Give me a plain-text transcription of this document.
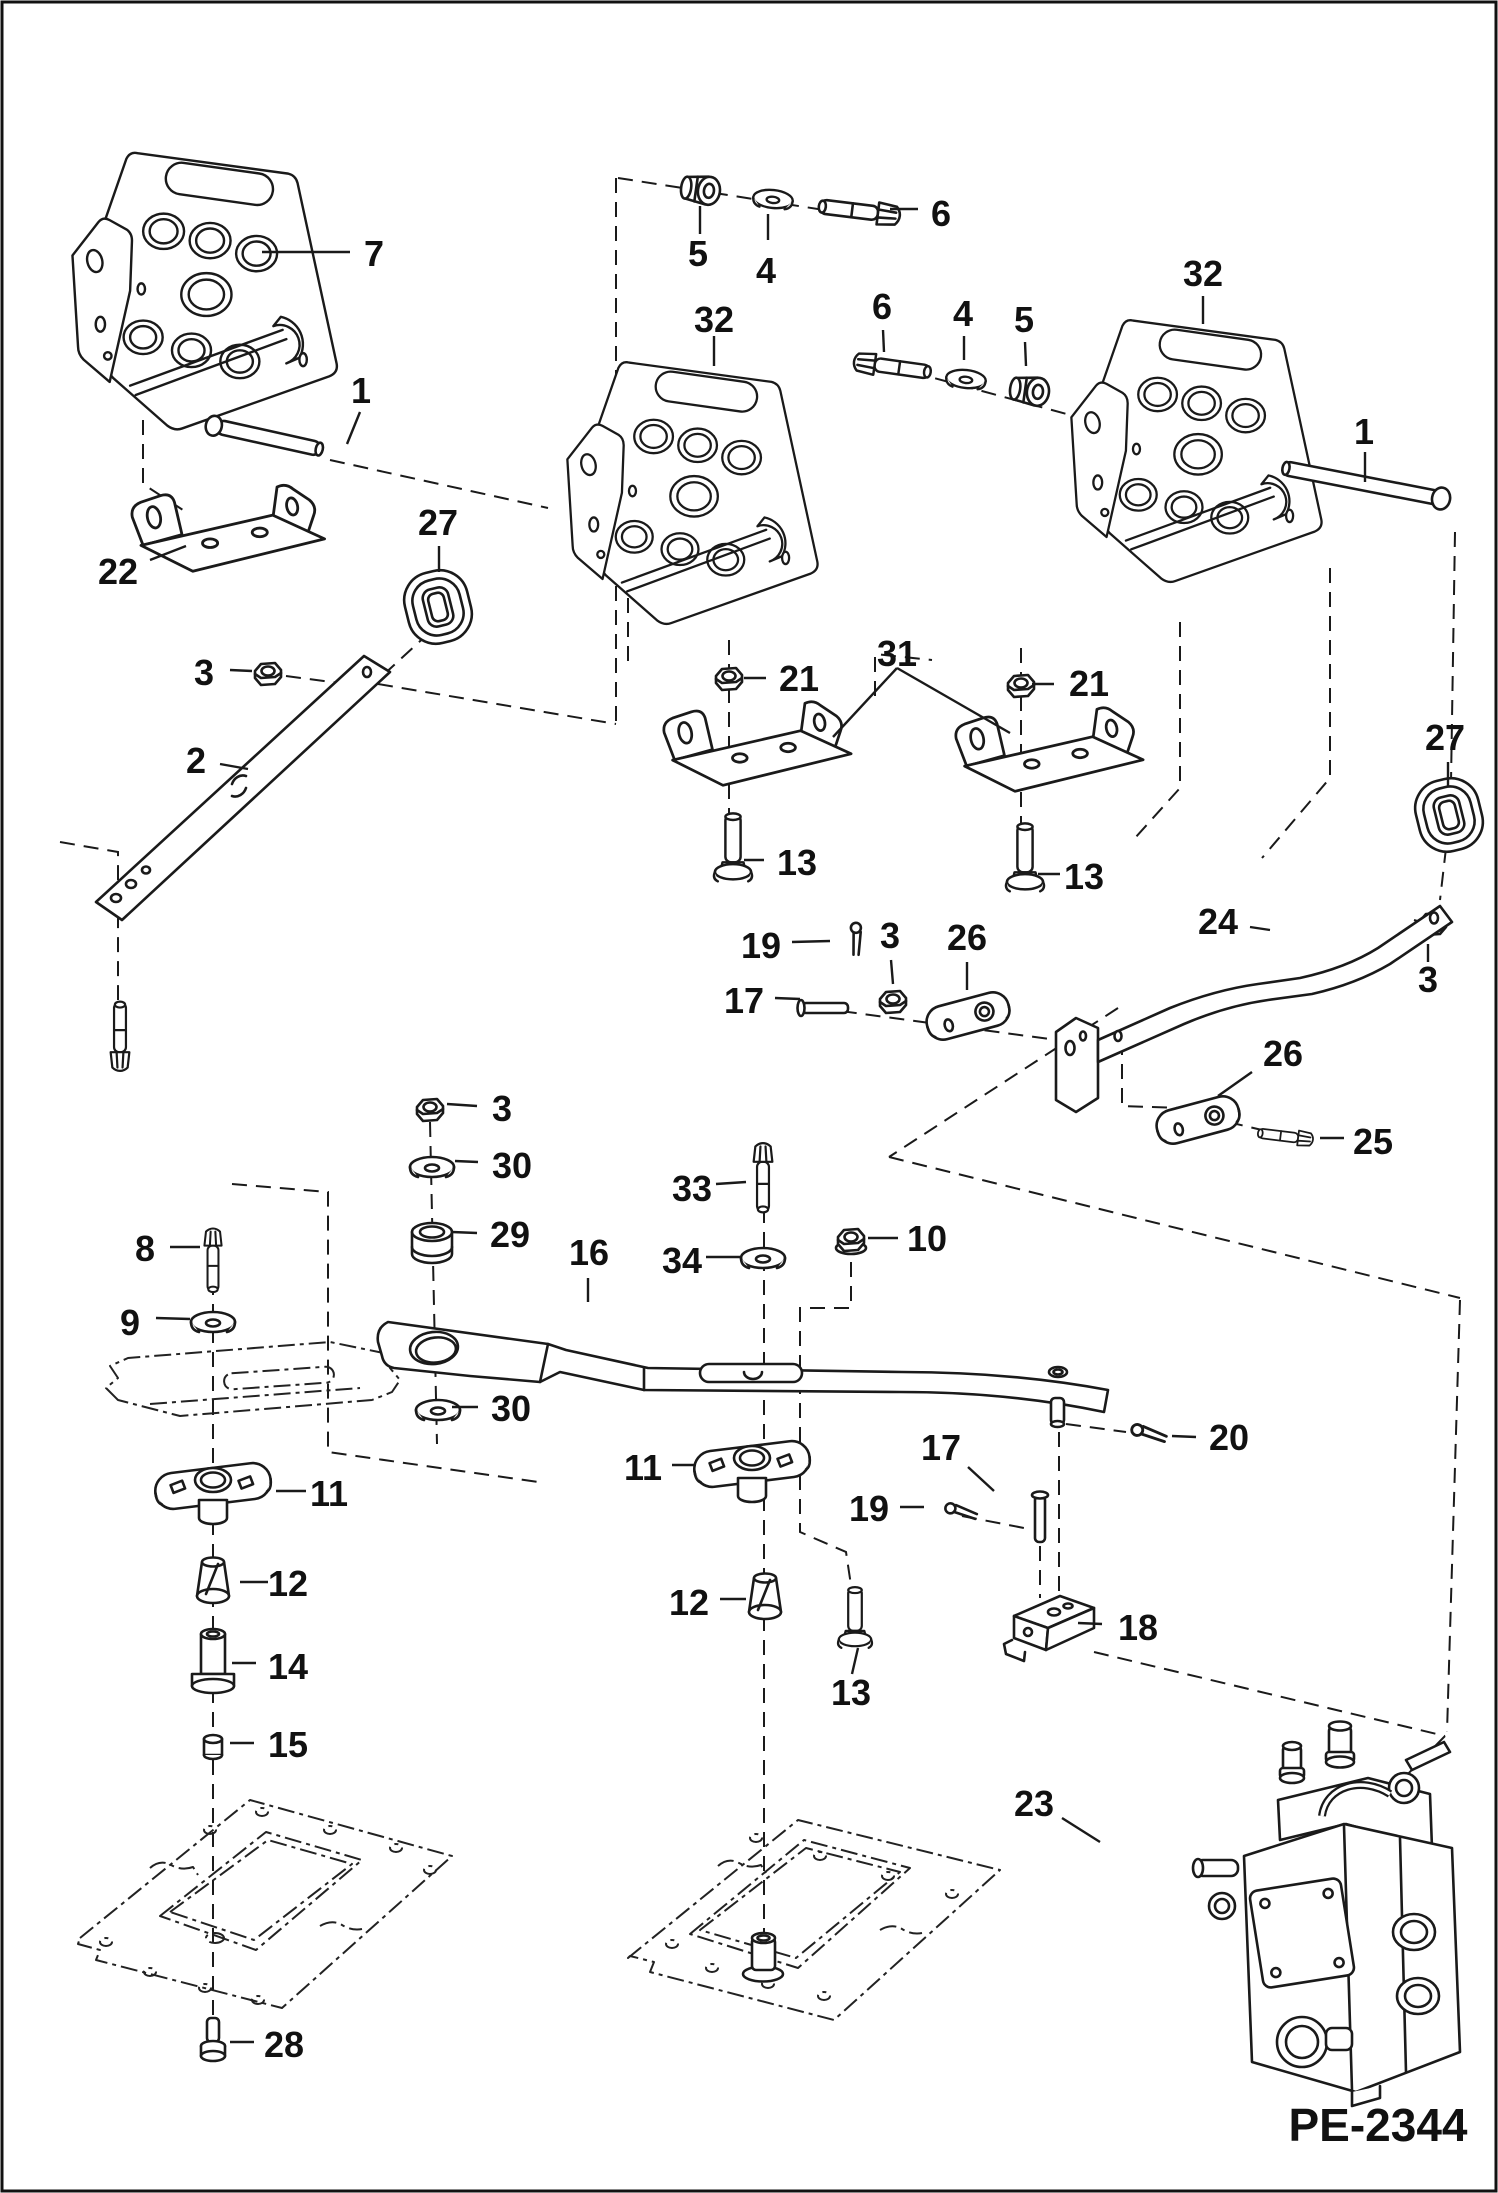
7
1
5 4
6
32	6 4 5
32
1
22
27
3
2
21
31
21
13	13
27
24
3
19
17
3 26
26
25
3
30
29 16
33
34
10
8
9
30
11
12
14
15
28
11
12
13
19
17	20
18
23
PE-2344
